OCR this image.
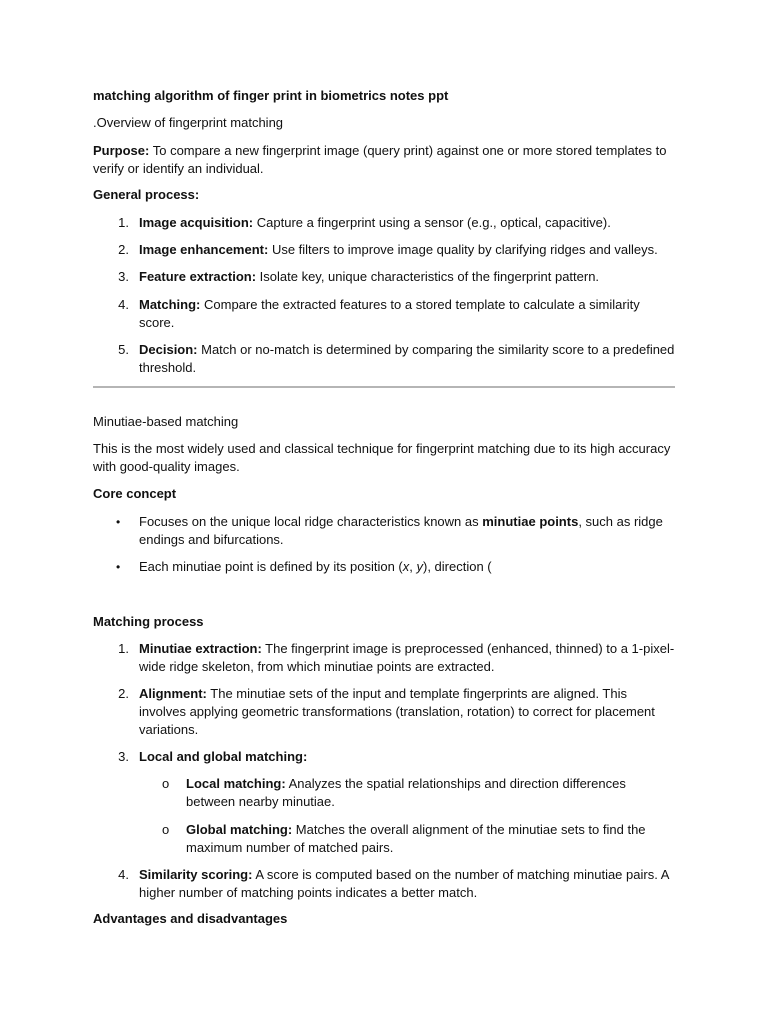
matching algorithm of finger print in biometrics notes ppt
.Overview of fingerprint matching
Purpose: To compare a new fingerprint image (query print) against one or more stored templates to verify or identify an individual.
General process:
1. Image acquisition: Capture a fingerprint using a sensor (e.g., optical, capacitive).
2. Image enhancement: Use filters to improve image quality by clarifying ridges and valleys.
3. Feature extraction: Isolate key, unique characteristics of the fingerprint pattern.
4. Matching: Compare the extracted features to a stored template to calculate a similarity score.
5. Decision: Match or no-match is determined by comparing the similarity score to a predefined threshold.
Minutiae-based matching
This is the most widely used and classical technique for fingerprint matching due to its high accuracy with good-quality images.
Core concept
• Focuses on the unique local ridge characteristics known as minutiae points, such as ridge endings and bifurcations.
• Each minutiae point is defined by its position (x, y), direction (
Matching process
1. Minutiae extraction: The fingerprint image is preprocessed (enhanced, thinned) to a 1-pixel-wide ridge skeleton, from which minutiae points are extracted.
2. Alignment: The minutiae sets of the input and template fingerprints are aligned. This involves applying geometric transformations (translation, rotation) to correct for placement variations.
3. Local and global matching:
o Local matching: Analyzes the spatial relationships and direction differences between nearby minutiae.
o Global matching: Matches the overall alignment of the minutiae sets to find the maximum number of matched pairs.
4. Similarity scoring: A score is computed based on the number of matching minutiae pairs. A higher number of matching points indicates a better match.
Advantages and disadvantages
